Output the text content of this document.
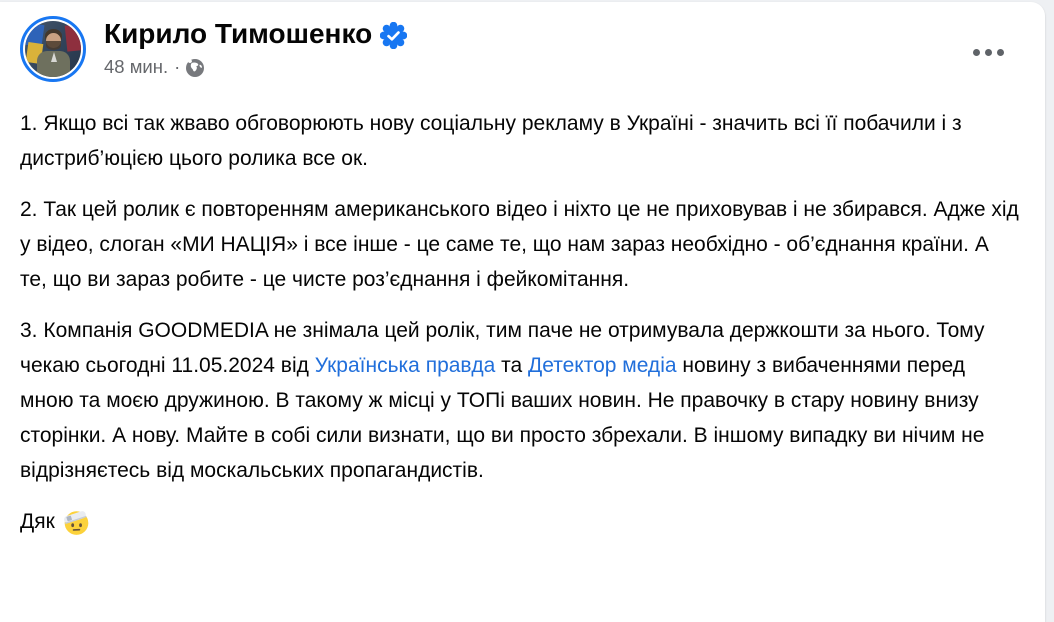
Кирило Тимошенко
48 мин. ·

1. Якщо всі так жваво обговорюють нову соціальну рекламу в Україні - значить всі її побачили і з дистриб’юцією цього ролика все ок.

2. Так цей ролик є повторенням американського відео і ніхто це не приховував і не збирався. Адже хід у відео, слоган «МИ НАЦІЯ» і все інше - це саме те, що нам зараз необхідно - об’єднання країни. А те, що ви зараз робите - це чисте роз’єднання і фейкомітання.

3. Компанія GOODMEDIA не знімала цей ролік, тим паче не отримувала держкошти за нього. Тому чекаю сьогодні 11.05.2024 від Українська правда та Детектор медіа новину з вибаченнями перед мною та моєю дружиною. В такому ж місці у ТОПі ваших новин. Не правочку в стару новину внизу сторінки. А нову. Майте в собі сили визнати, що ви просто збрехали. В іншому випадку ви нічим не відрізняєтесь від москальських пропагандистів.

Дяк
